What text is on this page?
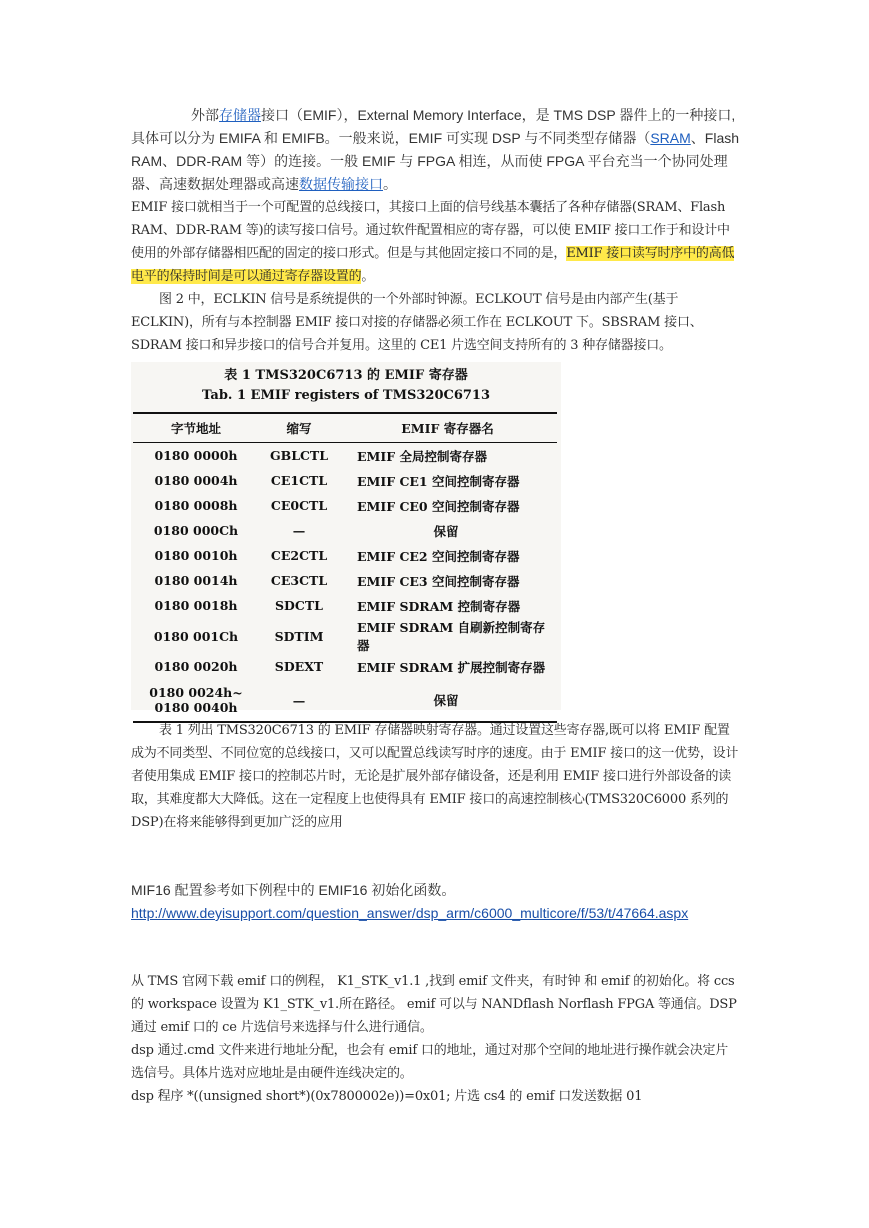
外部存储器接口（EMIF），External Memory Interface，是 TMS DSP 器件上的一种接口,具体可以分为 EMIFA 和 EMIFB。一般来说，EMIF 可实现 DSP 与不同类型存储器（SRAM、Flash RAM、DDR-RAM 等）的连接。一般 EMIF 与 FPGA 相连，从而使 FPGA 平台充当一个协同处理器、高速数据处理器或高速数据传输接口。
EMIF 接口就相当于一个可配置的总线接口，其接口上面的信号线基本囊括了各种存储器(SRAM、Flash RAM、DDR-RAM 等)的读写接口信号。通过软件配置相应的寄存器，可以使 EMIF 接口工作于和设计中使用的外部存储器相匹配的固定的接口形式。但是与其他固定接口不同的是，EMIF 接口读写时序中的高低电平的保持时间是可以通过寄存器设置的。
图 2 中，ECLKIN 信号是系统提供的一个外部时钟源。ECLKOUT 信号是由内部产生(基于 ECLKIN)，所有与本控制器 EMIF 接口对接的存储器必须工作在 ECLKOUT 下。SBSRAM 接口、SDRAM 接口和异步接口的信号合并复用。这里的 CE1 片选空间支持所有的 3 种存储器接口。
表 1 TMS320C6713 的 EMIF 寄存器
Tab. 1 EMIF registers of TMS320C6713
字节地址	缩写	EMIF 寄存器名
0180 0000h	GBLCTL	EMIF 全局控制寄存器
0180 0004h	CE1CTL	EMIF CE1 空间控制寄存器
0180 0008h	CE0CTL	EMIF CE0 空间控制寄存器
0180 000Ch	—	保留
0180 0010h	CE2CTL	EMIF CE2 空间控制寄存器
0180 0014h	CE3CTL	EMIF CE3 空间控制寄存器
0180 0018h	SDCTL	EMIF SDRAM 控制寄存器
0180 001Ch	SDTIM	EMIF SDRAM 自刷新控制寄存器
0180 0020h	SDEXT	EMIF SDRAM 扩展控制寄存器
0180 0024h~
0180 0040h	—	保留
表 1 列出 TMS320C6713 的 EMIF 存储器映射寄存器。通过设置这些寄存器,既可以将 EMIF 配置成为不同类型、不同位宽的总线接口，又可以配置总线读写时序的速度。由于 EMIF 接口的这一优势，设计者使用集成 EMIF 接口的控制芯片时，无论是扩展外部存储设备，还是利用 EMIF 接口进行外部设备的读取，其难度都大大降低。这在一定程度上也使得具有 EMIF 接口的高速控制核心(TMS320C6000 系列的 DSP)在将来能够得到更加广泛的应用
MIF16 配置参考如下例程中的 EMIF16 初始化函数。
http://www.deyisupport.com/question_answer/dsp_arm/c6000_multicore/f/53/t/47664.aspx
从 TMS 官网下载 emif 口的例程， K1_STK_v1.1 ,找到 emif 文件夹，有时钟 和 emif 的初始化。将 ccs 的 workspace 设置为 K1_STK_v1.所在路径。 emif 可以与 NANDflash Norflash FPGA 等通信。DSP 通过 emif 口的 ce 片选信号来选择与什么进行通信。
dsp 通过.cmd 文件来进行地址分配，也会有 emif 口的地址，通过对那个空间的地址进行操作就会决定片选信号。具体片选对应地址是由硬件连线决定的。
dsp 程序 *((unsigned short*)(0x7800002e))=0x01; 片选 cs4 的 emif 口发送数据 01
